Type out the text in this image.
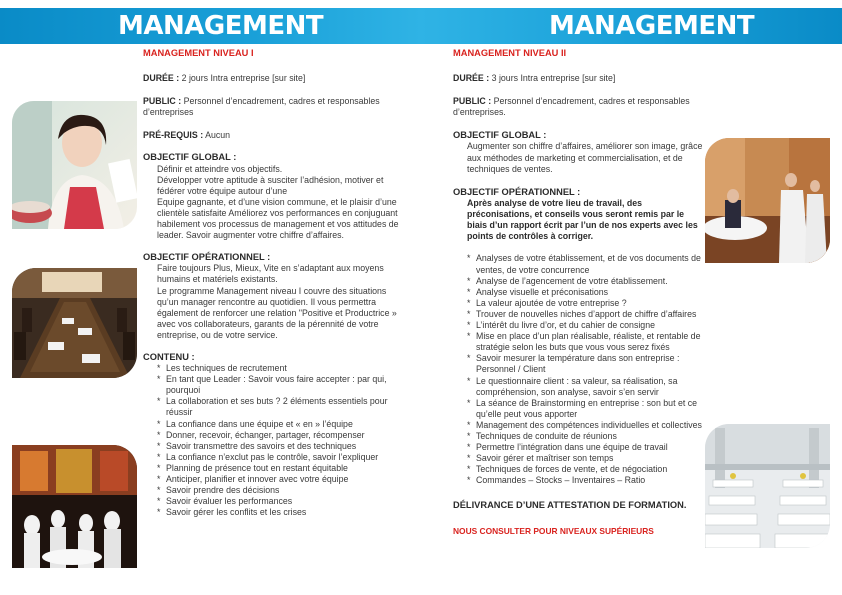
MANAGEMENT	MANAGEMENT
MANAGEMENT NIVEAU I
DURÉE : 2 jours Intra entreprise [sur site]
PUBLIC : Personnel d’encadrement, cadres et responsables d’entreprises
PRÉ-REQUIS : Aucun
OBJECTIF GLOBAL :
Définir et atteindre vos objectifs.
Développer votre aptitude à susciter l’adhésion, motiver et fédérer votre équipe autour d’une
Equipe gagnante, et d’une vision commune, et le plaisir d’une clientèle satisfaite Améliorez vos performances en conjuguant habilement vos processus de management et vos attitudes de leader. Savoir augmenter votre chiffre d’affaires.
OBJECTIF OPÉRATIONNEL :
Faire toujours Plus, Mieux, Vite en s’adaptant aux moyens humains et matériels existants.
Le programme Management niveau I couvre des situations qu’un manager rencontre au quotidien. Il vous permettra également de renforcer une relation "Positive et Productrice » avec vos collaborateurs, garants de la pérennité de votre entreprise, ou de votre service.
CONTENU :
* Les techniques de recrutement
* En tant que Leader : Savoir vous faire accepter : par qui, pourquoi
* La collaboration et ses buts ? 2 éléments essentiels pour réussir
* La confiance dans une équipe et « en » l’équipe
* Donner, recevoir, échanger, partager, récompenser
* Savoir transmettre des savoirs et des techniques
* La confiance n’exclut pas le contrôle, savoir l’expliquer
* Planning de présence tout en restant équitable
* Anticiper, planifier et innover avec votre équipe
* Savoir prendre des décisions
* Savoir évaluer les performances
* Savoir gérer les conflits et les crises
MANAGEMENT NIVEAU II
DURÉE : 3 jours Intra entreprise [sur site]
PUBLIC : Personnel d’encadrement, cadres et responsables d’entreprises.
OBJECTIF GLOBAL :
Augmenter son chiffre d’affaires, améliorer son image, grâce aux méthodes de marketing et commercialisation, et de techniques de ventes.
OBJECTIF OPÉRATIONNEL :
Après analyse de votre lieu de travail, des préconisations, et conseils vous seront remis par le biais d’un rapport écrit par l’un de nos experts avec les points de contrôles à corriger.
* Analyses de votre établissement, et de vos documents de ventes, de votre concurrence
* Analyse de l’agencement de votre établissement.
* Analyse visuelle et préconisations
* La valeur ajoutée de votre entreprise ?
* Trouver de nouvelles niches d’apport de chiffre d’affaires
* L’intérêt du livre d’or, et du cahier de consigne
* Mise en place d’un plan réalisable, réaliste, et rentable de stratégie selon les buts que vous vous serez fixés
* Savoir mesurer la température dans son entreprise : Personnel / Client
* Le questionnaire client : sa valeur, sa réalisation, sa compréhension, son analyse, savoir s’en servir
* La séance de Brainstorming en entreprise : son but et ce qu’elle peut vous apporter
* Management des compétences individuelles et collectives
* Techniques de conduite de réunions
* Permettre l’intégration dans une équipe de travail
* Savoir gérer et maîtriser son temps
* Techniques de forces de vente, et de négociation
* Commandes – Stocks – Inventaires – Ratio
DÉLIVRANCE D’UNE ATTESTATION DE FORMATION.
NOUS CONSULTER POUR NIVEAUX SUPÉRIEURS
